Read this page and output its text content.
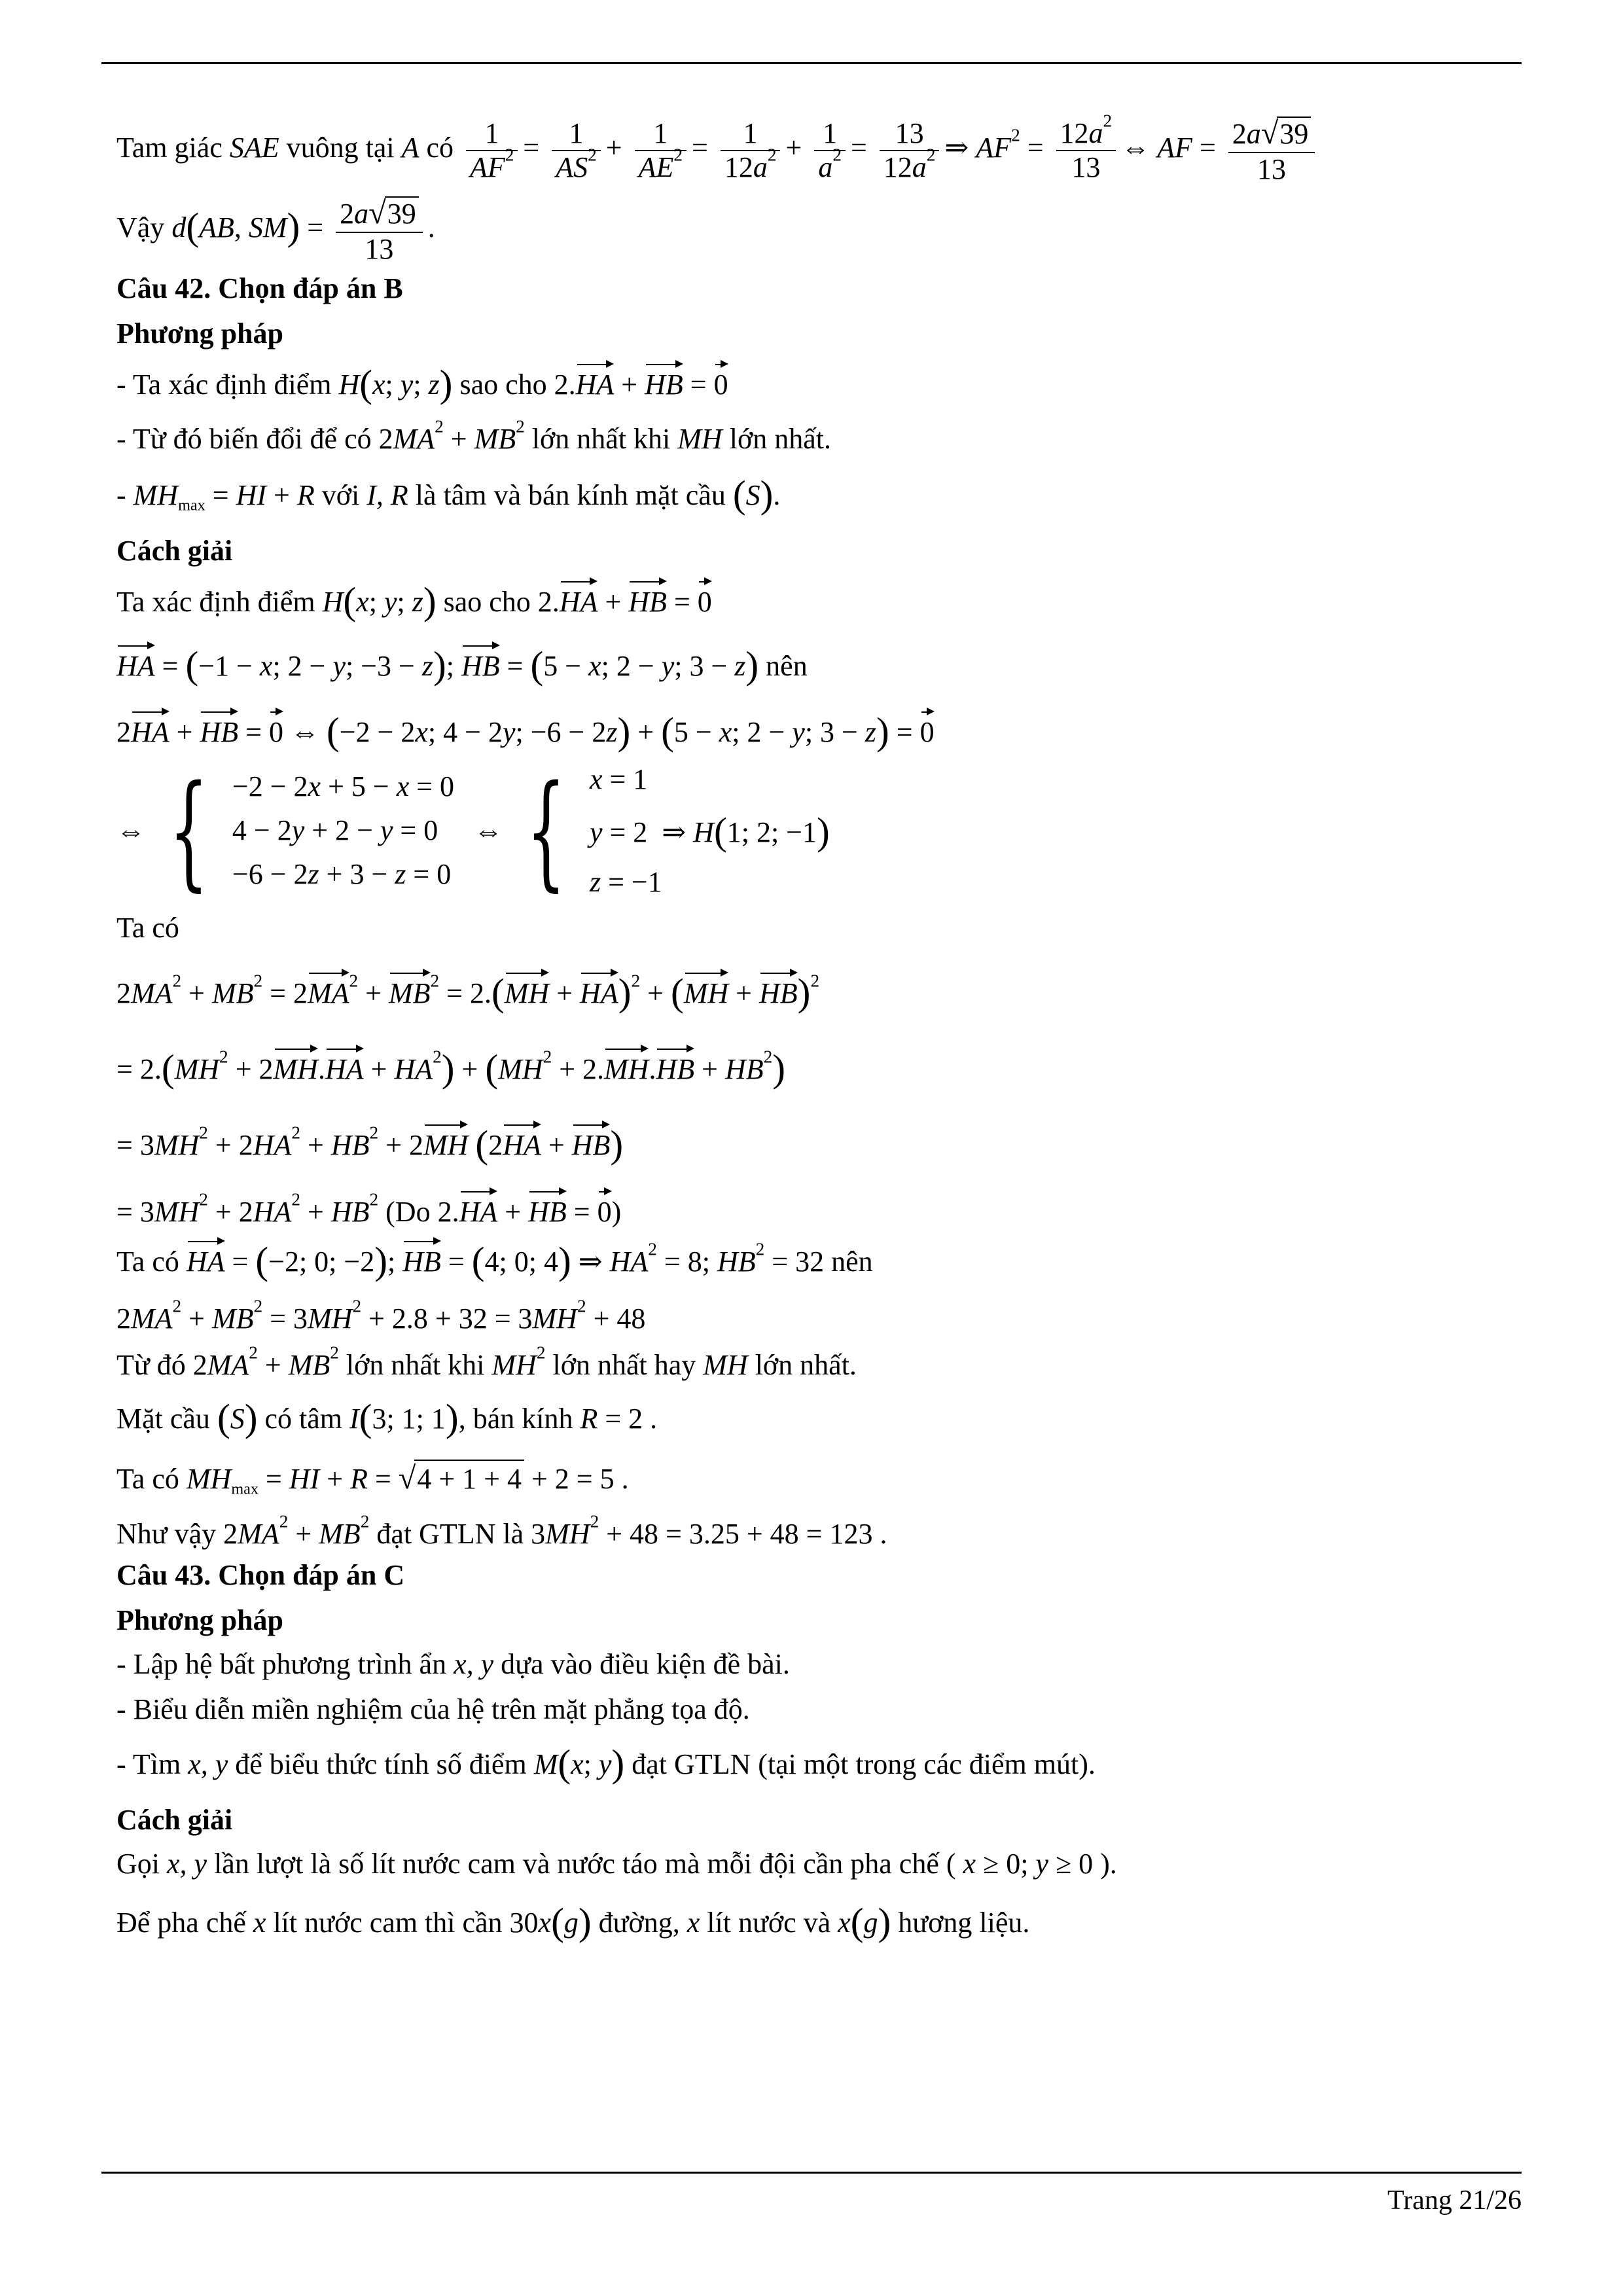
Tam giác SAE vuông tại A có $\frac{1}{AF^2} = \frac{1}{AS^2} + \frac{1}{AE^2} = \frac{1}{12a^2} + \frac{1}{a^2} = \frac{13}{12a^2}$ ⇒ $AF^2 = \frac{12a^2}{13}$ ⇔ AF = $\frac{2a√39}{13}$

Vậy d(AB, $SM) = \frac{2a√39}{13}$ .

Câu 42. Chọn đáp án B

Phương pháp

- Ta xác định điểm H(x; y; z) sao cho 2.HA + HB = 0

- Từ đó biến đổi để có $2MA^2 + MB^2$ lớn nhất khi MH lớn nhất.

- $MH_{max}$ = HI + R với I, R là tâm và bán kính mặt cầu (S).

Cách giải

Ta xác định điểm H(x; y; z) sao cho 2.HA + HB = 0

HA = (−1 − x; 2 − y; −3 − z); HB = (5 − x; 2 − y; 3 − z) nên

2HA + HB = 0 ⇔ (−2 − 2x; 4 − 2y; −6 − 2z) + (5 − x; 2 − y; 3 − z) = 0

⇔ { −2 − 2x + 5 − x = 0
4 − 2y + 2 − y = 0
−6 − 2z + 3 − z = 0
⇔ { x = 1
y = 2  ⇒ H(1; 2; −1)
z = −1

Ta có

$2MA^2 + MB^2 = 2MA^2 + MB^2 = 2.(MH + HA)^2 + (MH + HB)^2$

= $2.(MH^2 + 2MH.HA + HA^2) + (MH^2 + 2.MH.HB + HB^2)$

= $3MH^2 + 2HA^2 + HB^2 + 2MH$ (2HA + HB)

= $3MH^2 + 2HA^2 + HB^2$ (Do 2.HA + HB = 0)

Ta có HA = (−2; 0; −2); HB = (4; 0; 4) ⇒ $HA^2 = 8$; $HB^2 = 32$ nên

$2MA^2 + MB^2 = 3MH^2 + 2.8 + 32 = 3MH^2 + 48$

Từ đó $2MA^2 + MB^2$ lớn nhất khi $MH^2$ lớn nhất hay MH lớn nhất.

Mặt cầu (S) có tâm I(3; 1; 1), bán kính R = 2 .

Ta có $MH_{max}$ = HI + R = √4 + 1 + 4 + 2 = 5 .

Như vậy $2MA^2 + MB^2$ đạt GTLN là $3MH^2 + 48 = 3.25 + 48 = 123$ .

Câu 43. Chọn đáp án C

Phương pháp

- Lập hệ bất phương trình ẩn x, y dựa vào điều kiện đề bài.

- Biểu diễn miền nghiệm của hệ trên mặt phẳng tọa độ.

- Tìm x, y để biểu thức tính số điểm M(x; y) đạt GTLN (tại một trong các điểm mút).

Cách giải

Gọi x, y lần lượt là số lít nước cam và nước táo mà mỗi đội cần pha chế ( x ≥ 0; y ≥ 0 ).

Để pha chế x lít nước cam thì cần 30x(g) đường, x lít nước và x(g) hương liệu.

Trang 21/26
